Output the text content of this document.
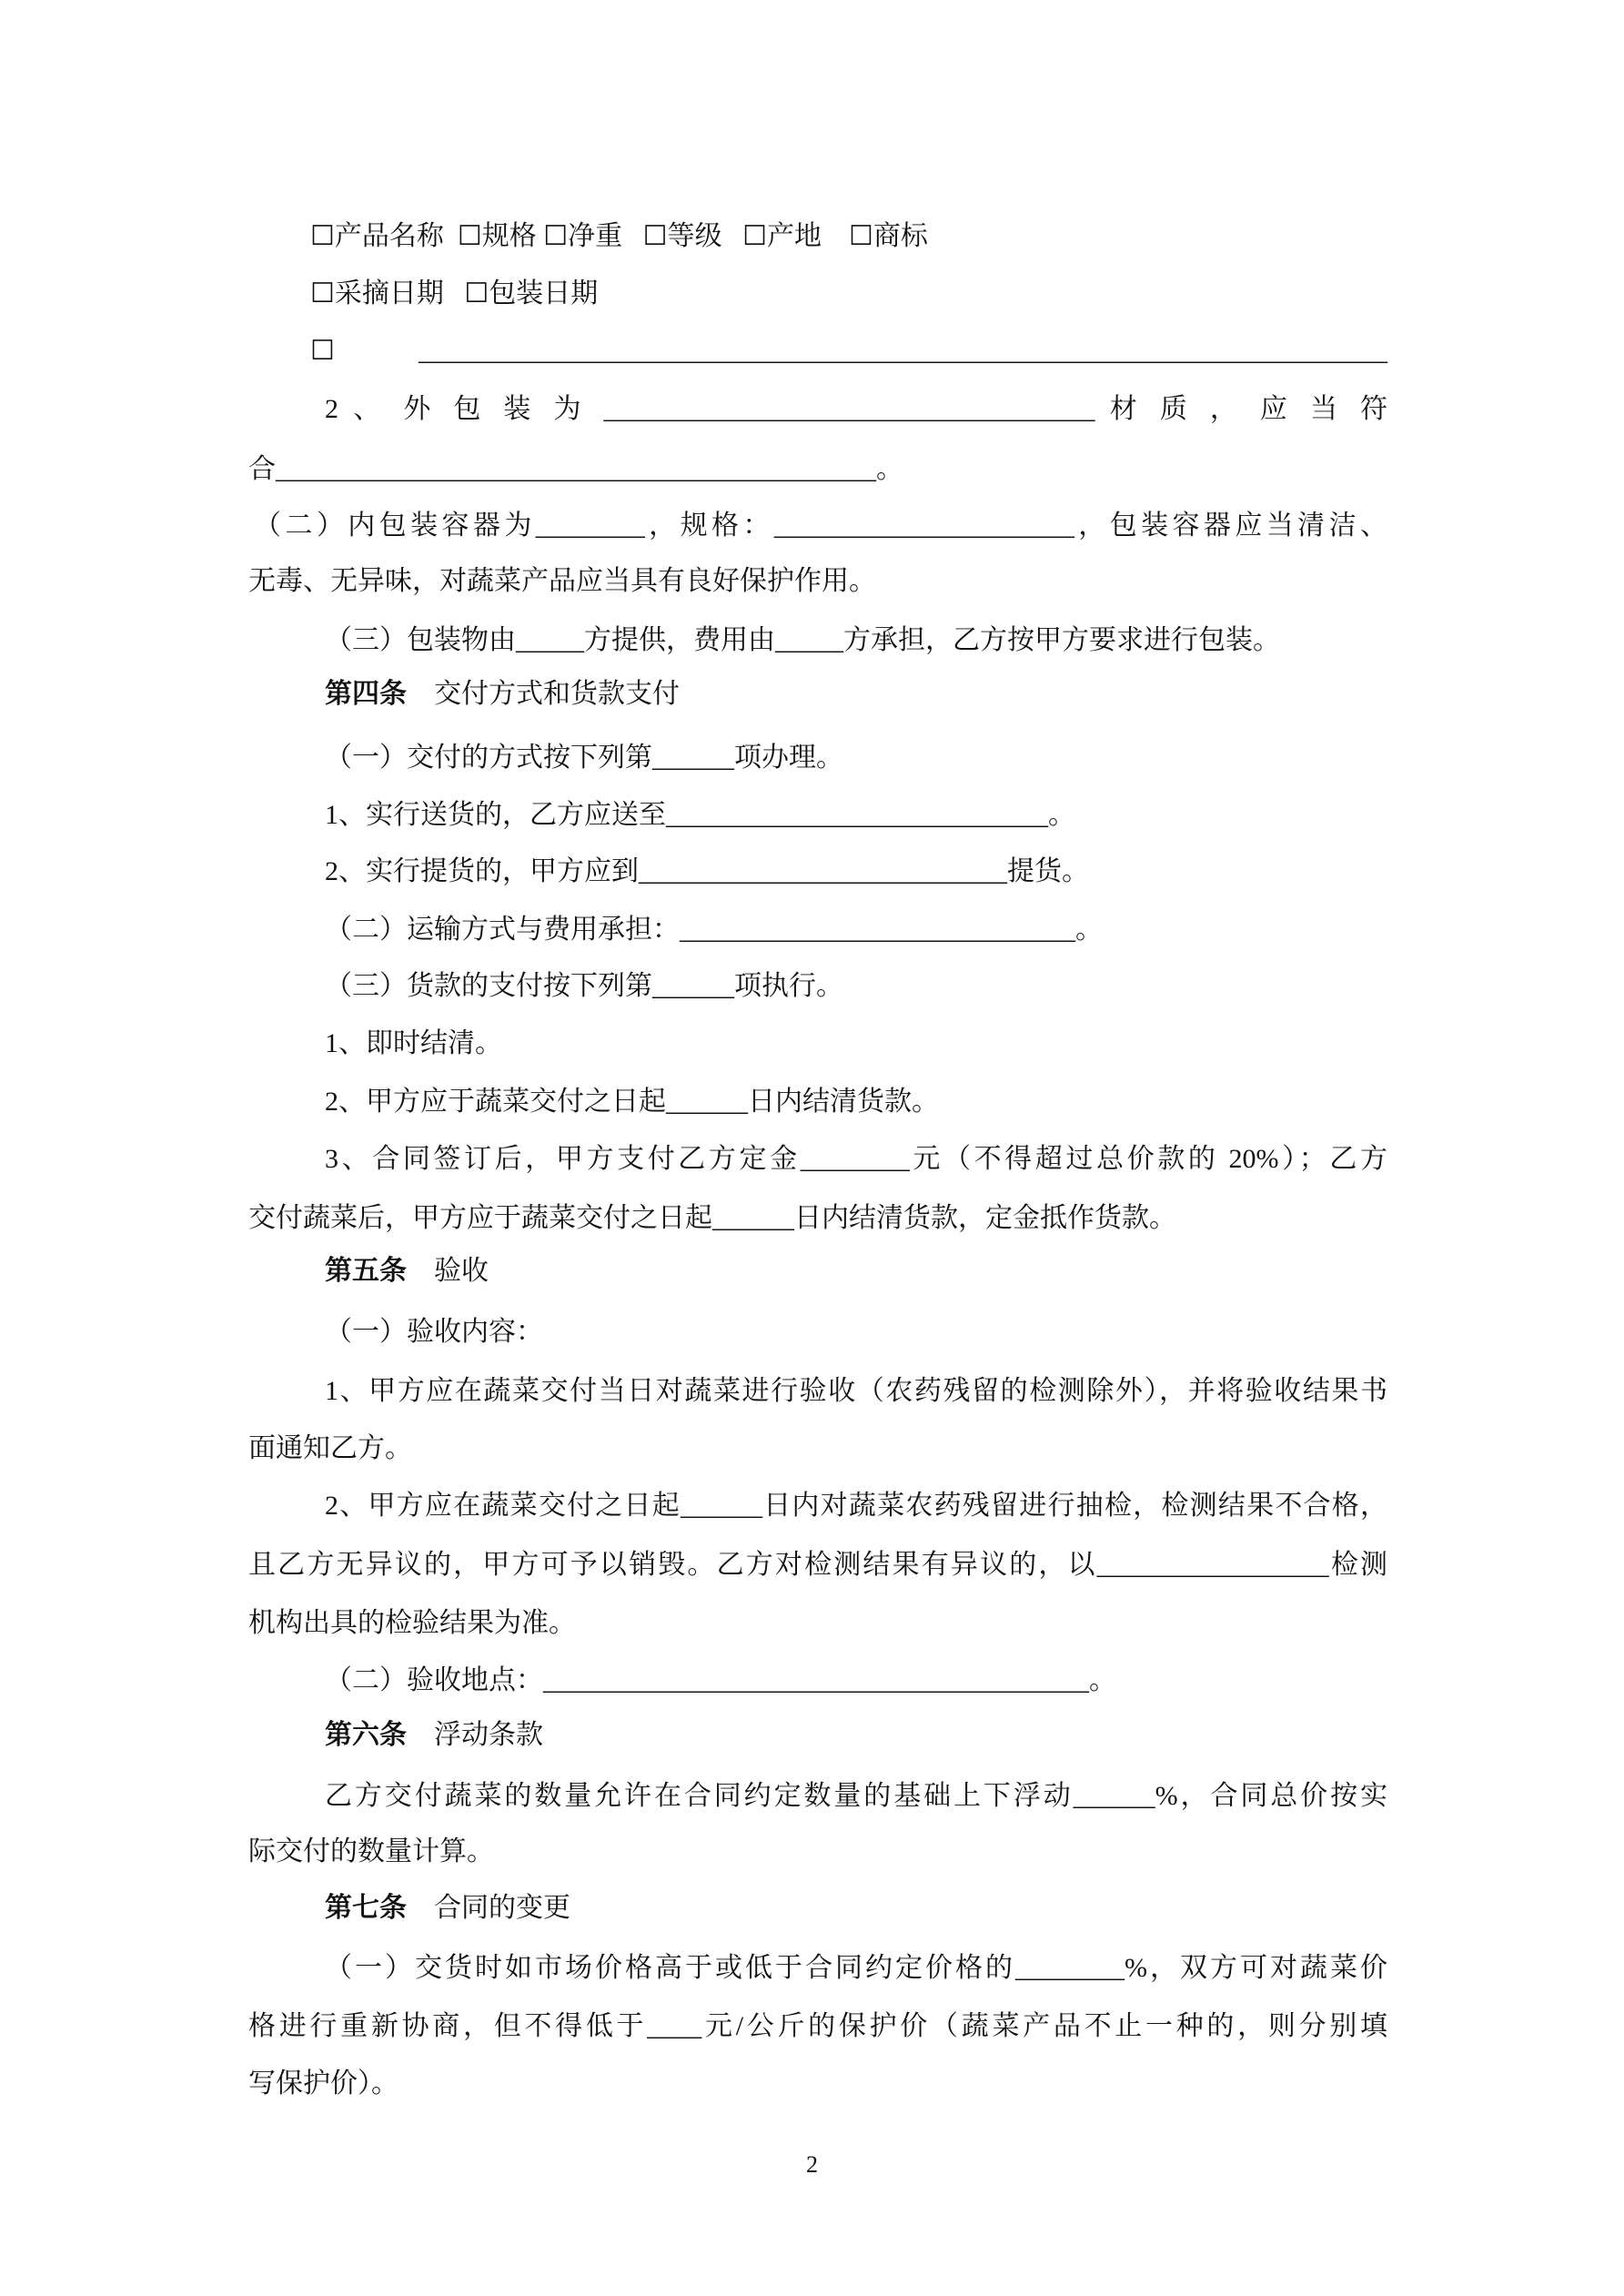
☐产品名称  ☐规格 ☐净重   ☐等级   ☐产地    ☐商标
☐采摘日期   ☐包装日期
☐ _______________________________________________________________________
2 、 外 包 装 为 ____________________________________ 材 质 ， 应 当 符
合____________________________________________。
（二）内包装容器为________，规格：______________________，包装容器应当清洁、
无毒、无异味，对蔬菜产品应当具有良好保护作用。
（三）包装物由_____方提供，费用由_____方承担，乙方按甲方要求进行包装。
第四条 交付方式和货款支付
（一）交付的方式按下列第______项办理。
1、实行送货的，乙方应送至____________________________。
2、实行提货的，甲方应到___________________________提货。
（二）运输方式与费用承担：_____________________________。
（三）货款的支付按下列第______项执行。
1、即时结清。
2、甲方应于蔬菜交付之日起______日内结清货款。
3、合同签订后，甲方支付乙方定金________元（不得超过总价款的 20%）；乙方
交付蔬菜后，甲方应于蔬菜交付之日起______日内结清货款，定金抵作货款。
第五条 验收
（一）验收内容：
1、甲方应在蔬菜交付当日对蔬菜进行验收（农药残留的检测除外），并将验收结果书
面通知乙方。
2、甲方应在蔬菜交付之日起______日内对蔬菜农药残留进行抽检，检测结果不合格，
且乙方无异议的，甲方可予以销毁。乙方对检测结果有异议的，以_________________检测
机构出具的检验结果为准。
（二）验收地点：________________________________________。
第六条 浮动条款
乙方交付蔬菜的数量允许在合同约定数量的基础上下浮动______%，合同总价按实
际交付的数量计算。
第七条 合同的变更
（一）交货时如市场价格高于或低于合同约定价格的________%，双方可对蔬菜价
格进行重新协商，但不得低于____元/公斤的保护价（蔬菜产品不止一种的，则分别填
写保护价）。
2
